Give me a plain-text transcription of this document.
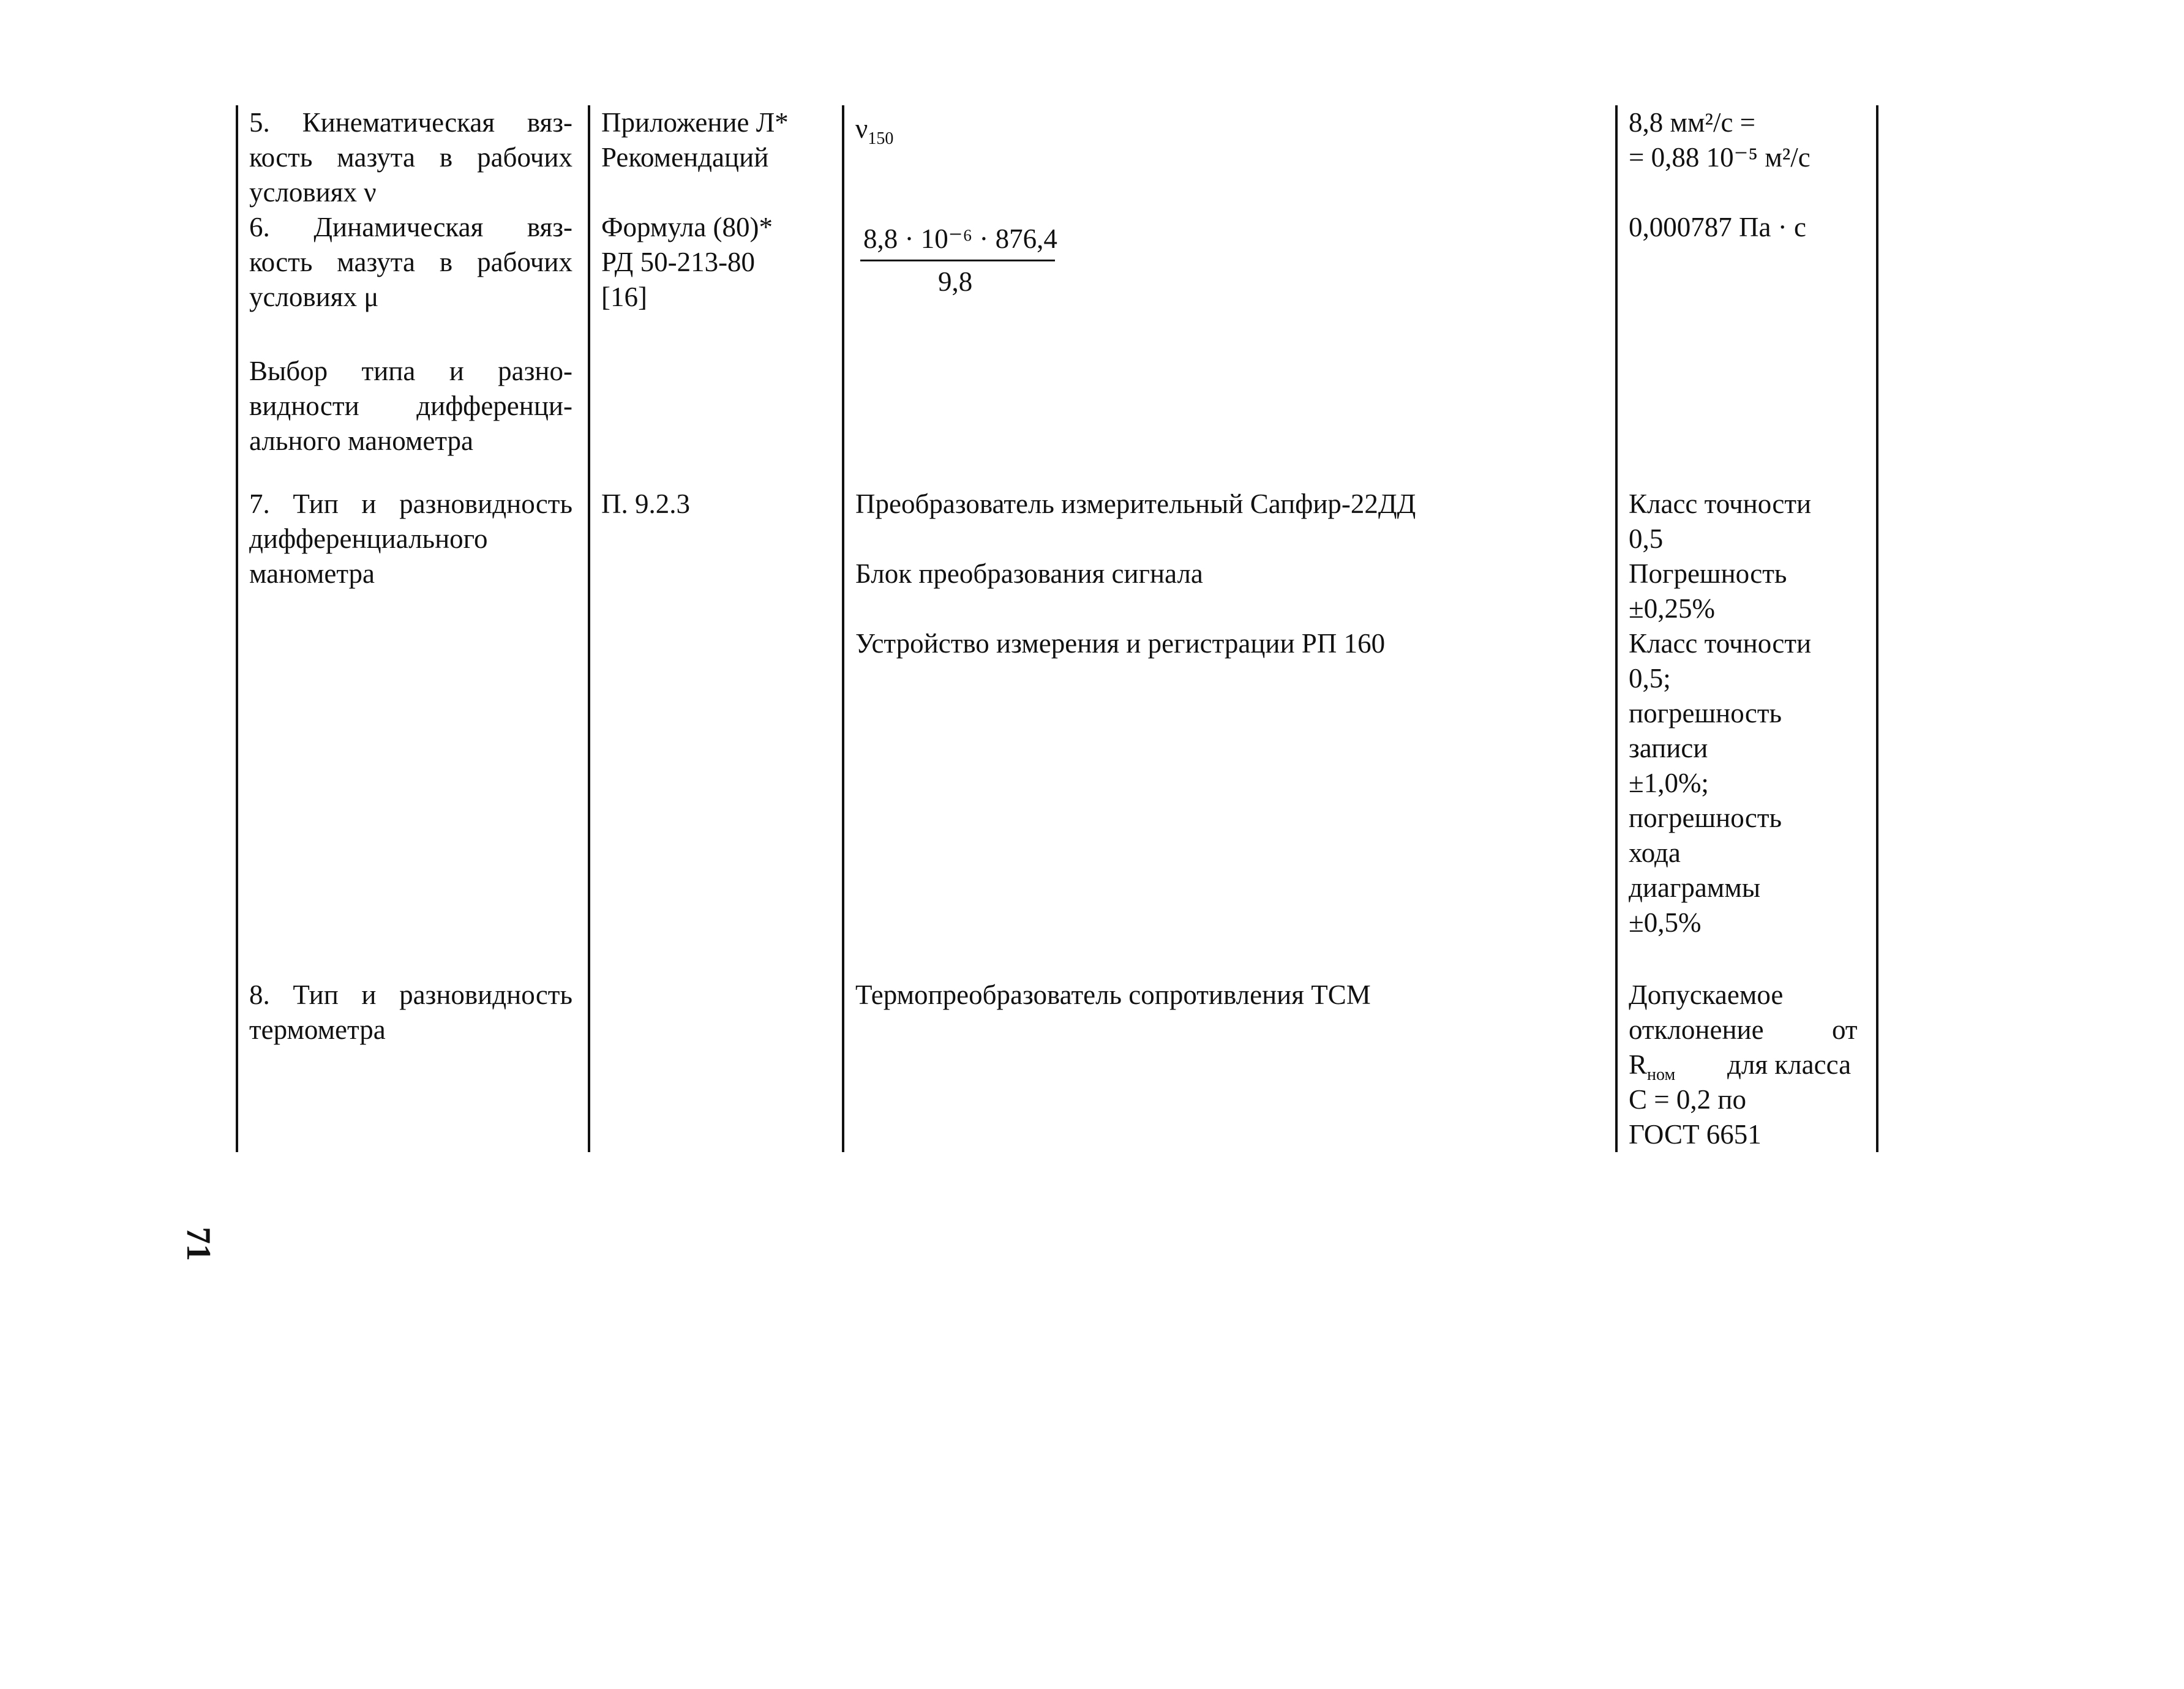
5. Кинематическая вяз-
кость мазута в рабочих
условиях ν
Приложение Л*
Рекомендаций
$\nu_{150}$
8,8 мм²/с =
= 0,88 10⁻⁵ м²/с
6. Динамическая вяз-
кость мазута в рабочих
условиях μ
Формула (80)*
РД 50-213-80
[16]
8,8 · 10⁻⁶ · 876,4
9,8
0,000787 Па · с
Выбор типа и разно-
видности дифференци-
ального манометра
7. Тип и разновидность
дифференциального
манометра
П. 9.2.3	Преобразователь измерительный Сапфир-22ДД
Блок преобразования сигнала
Устройство измерения и регистрации РП 160
Класс точности
0,5
Погрешность
±0,25%
Класс точности
0,5;
погрешность
записи
±1,0%;
погрешность
хода
диаграммы
±0,5%
8. Тип и разновидность
термометра
Термопреобразователь сопротивления ТСМ	Допускаемое
отклонение от
$R_{ном}$ для класса
С = 0,2 по
ГОСТ 6651
71
